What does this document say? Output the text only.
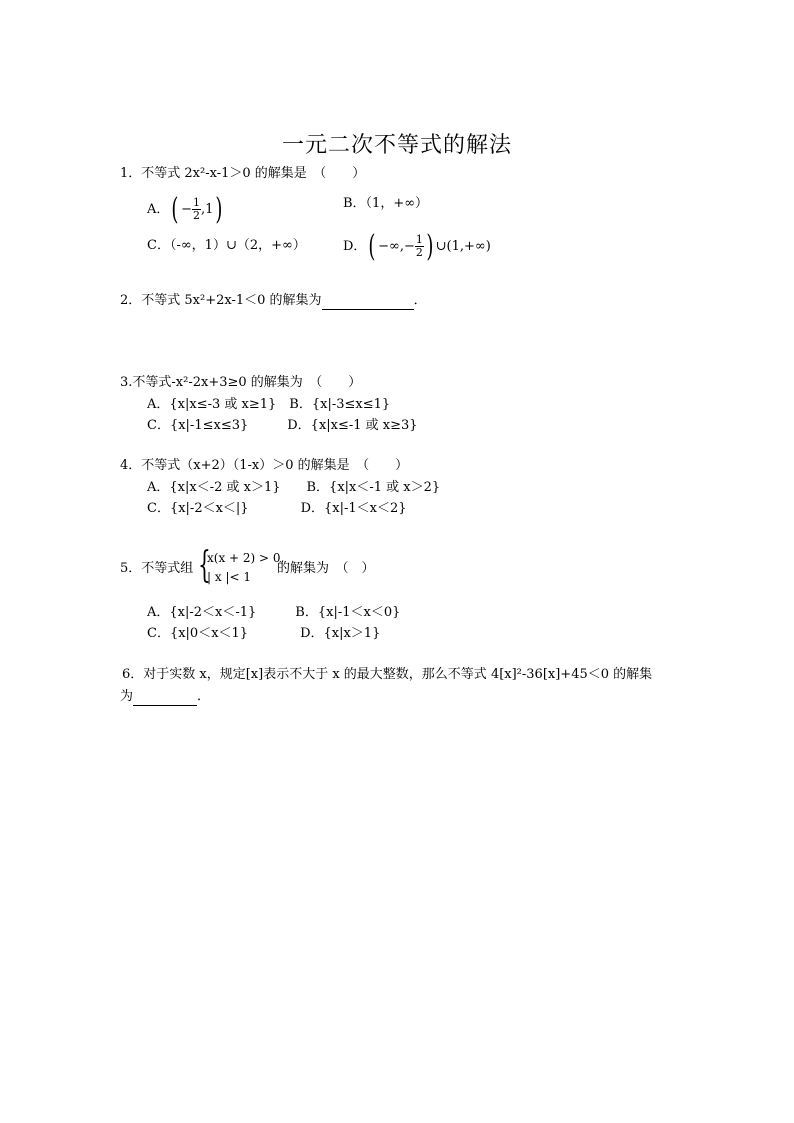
一元二次不等式的解法
1．不等式 2x²-x-1＞0 的解集是　（　　）
A．( − $\frac{1}{2} ,1$)	B．（1，+∞）
C．（-∞，1）∪（2，+∞）	D．( −∞,− $\frac{1}{2}$ ) ∪(1,+∞)
2．不等式 5x²+2x-1＜0 的解集为	．
3.不等式-x²-2x+3≥0 的解集为　（　　）
A．{x|x≤-3 或 x≥1}　B．{x|-3≤x≤1}
C．{x|-1≤x≤3}　　　D．{x|x≤-1 或 x≥3}
4．不等式（x+2）（1-x）＞0 的解集是　（　　）
A．{x|x＜-2 或 x＞1}　　B．{x|x＜-1 或 x＞2}
C．{x|-2＜x＜|}　　　　D．{x|-1＜x＜2}
5．不等式组 {
x(x + 2) > 0,
| x |< 1
的解集为　（　）
A．{x|-2＜x＜-1}　　　B．{x|-1＜x＜0}
C．{x|0＜x＜1}　　　　D．{x|x＞1}
6．对于实数 x，规定[x]表示不大于 x 的最大整数，那么不等式 4[x]²-36[x]+45＜0 的解集
为	．
